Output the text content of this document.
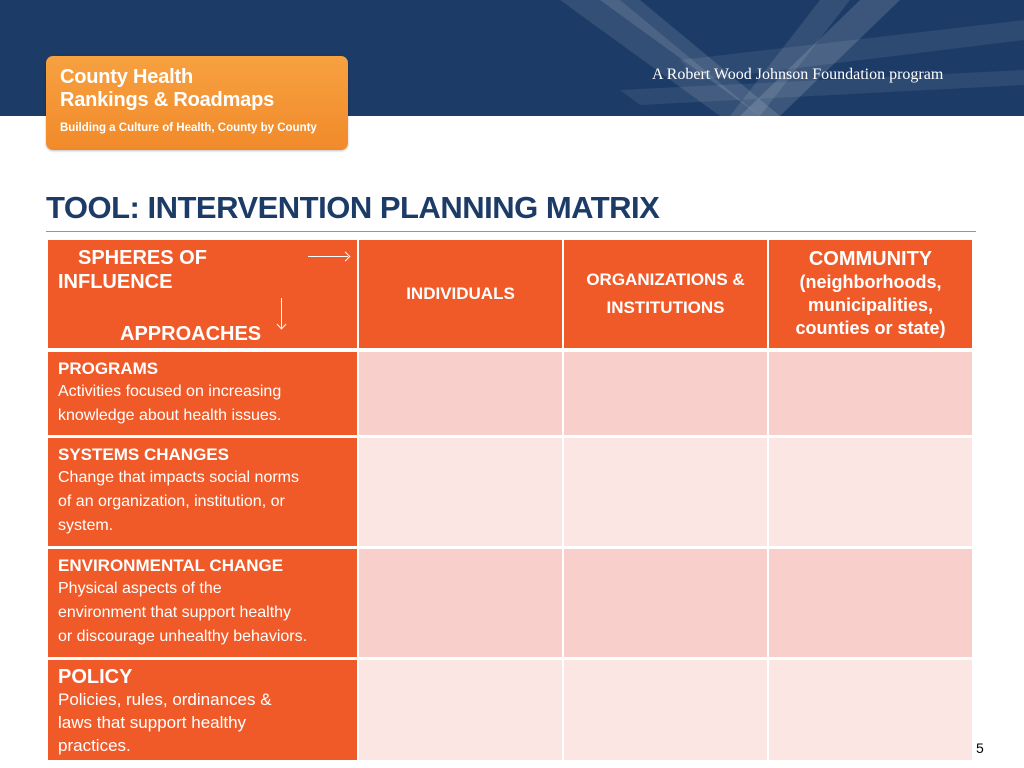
County Health
Rankings & Roadmaps
Building a Culture of Health, County by County
A Robert Wood Johnson Foundation program
TOOL: INTERVENTION PLANNING MATRIX
SPHERES OF
INFLUENCE
APPROACHES
INDIVIDUALS
ORGANIZATIONS &
INSTITUTIONS
COMMUNITY
(neighborhoods,
municipalities,
counties or state)
PROGRAMS
Activities focused on increasing
knowledge about health issues.
SYSTEMS CHANGES
Change that impacts social norms
of an organization, institution, or
system.
ENVIRONMENTAL CHANGE
Physical aspects of the
environment that support healthy
or discourage unhealthy behaviors.
POLICY
Policies, rules, ordinances &
laws that support healthy
practices.	5
